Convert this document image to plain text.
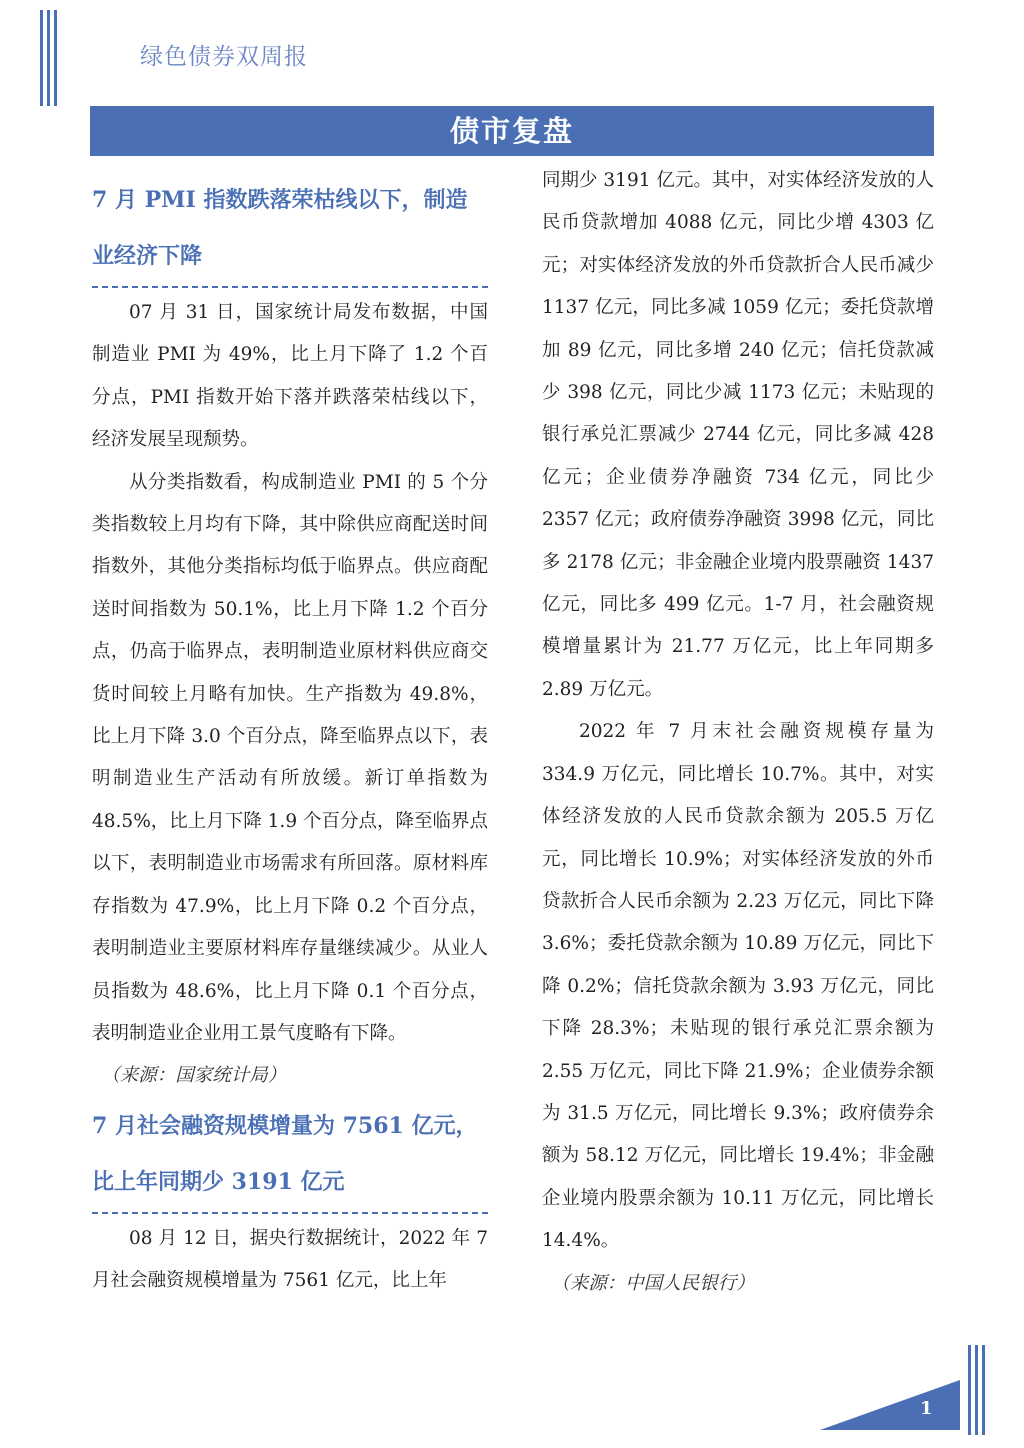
绿色债券双周报
债市复盘
7 月 PMI 指数跌落荣枯线以下，制造业经济下降

07 月 31 日，国家统计局发布数据，中国制造业 PMI 为 49%，比上月下降了 1.2 个百分点，PMI 指数开始下落并跌落荣枯线以下，经济发展呈现颓势。

从分类指数看，构成制造业 PMI 的 5 个分类指数较上月均有下降，其中除供应商配送时间指数外，其他分类指标均低于临界点。供应商配送时间指数为 50.1%，比上月下降 1.2 个百分点，仍高于临界点，表明制造业原材料供应商交货时间较上月略有加快。生产指数为 49.8%，比上月下降 3.0 个百分点，降至临界点以下，表明制造业生产活动有所放缓。新订单指数为 48.5%，比上月下降 1.9 个百分点，降至临界点以下，表明制造业市场需求有所回落。原材料库存指数为 47.9%，比上月下降 0.2 个百分点，表明制造业主要原材料库存量继续减少。从业人员指数为 48.6%，比上月下降 0.1 个百分点，表明制造业企业用工景气度略有下降。

（来源：国家统计局）

7 月社会融资规模增量为 7561 亿元，比上年同期少 3191 亿元

08 月 12 日，据央行数据统计，2022 年 7 月社会融资规模增量为 7561 亿元，比上年

同期少 3191 亿元。其中，对实体经济发放的人民币贷款增加 4088 亿元，同比少增 4303 亿元；对实体经济发放的外币贷款折合人民币减少 1137 亿元，同比多减 1059 亿元；委托贷款增加 89 亿元，同比多增 240 亿元；信托贷款减少 398 亿元，同比少减 1173 亿元；未贴现的银行承兑汇票减少 2744 亿元，同比多减 428 亿元；企业债券净融资 734 亿元，同比少 2357 亿元；政府债券净融资 3998 亿元，同比多 2178 亿元；非金融企业境内股票融资 1437 亿元，同比多 499 亿元。1-7 月，社会融资规模增量累计为 21.77 万亿元，比上年同期多 2.89 万亿元。

2022 年 7 月末社会融资规模存量为 334.9 万亿元，同比增长 10.7%。其中，对实体经济发放的人民币贷款余额为 205.5 万亿元，同比增长 10.9%；对实体经济发放的外币贷款折合人民币余额为 2.23 万亿元，同比下降 3.6%；委托贷款余额为 10.89 万亿元，同比下降 0.2%；信托贷款余额为 3.93 万亿元，同比下降 28.3%；未贴现的银行承兑汇票余额为 2.55 万亿元，同比下降 21.9%；企业债券余额为 31.5 万亿元，同比增长 9.3%；政府债券余额为 58.12 万亿元，同比增长 19.4%；非金融企业境内股票余额为 10.11 万亿元，同比增长 14.4%。

（来源：中国人民银行）

1
